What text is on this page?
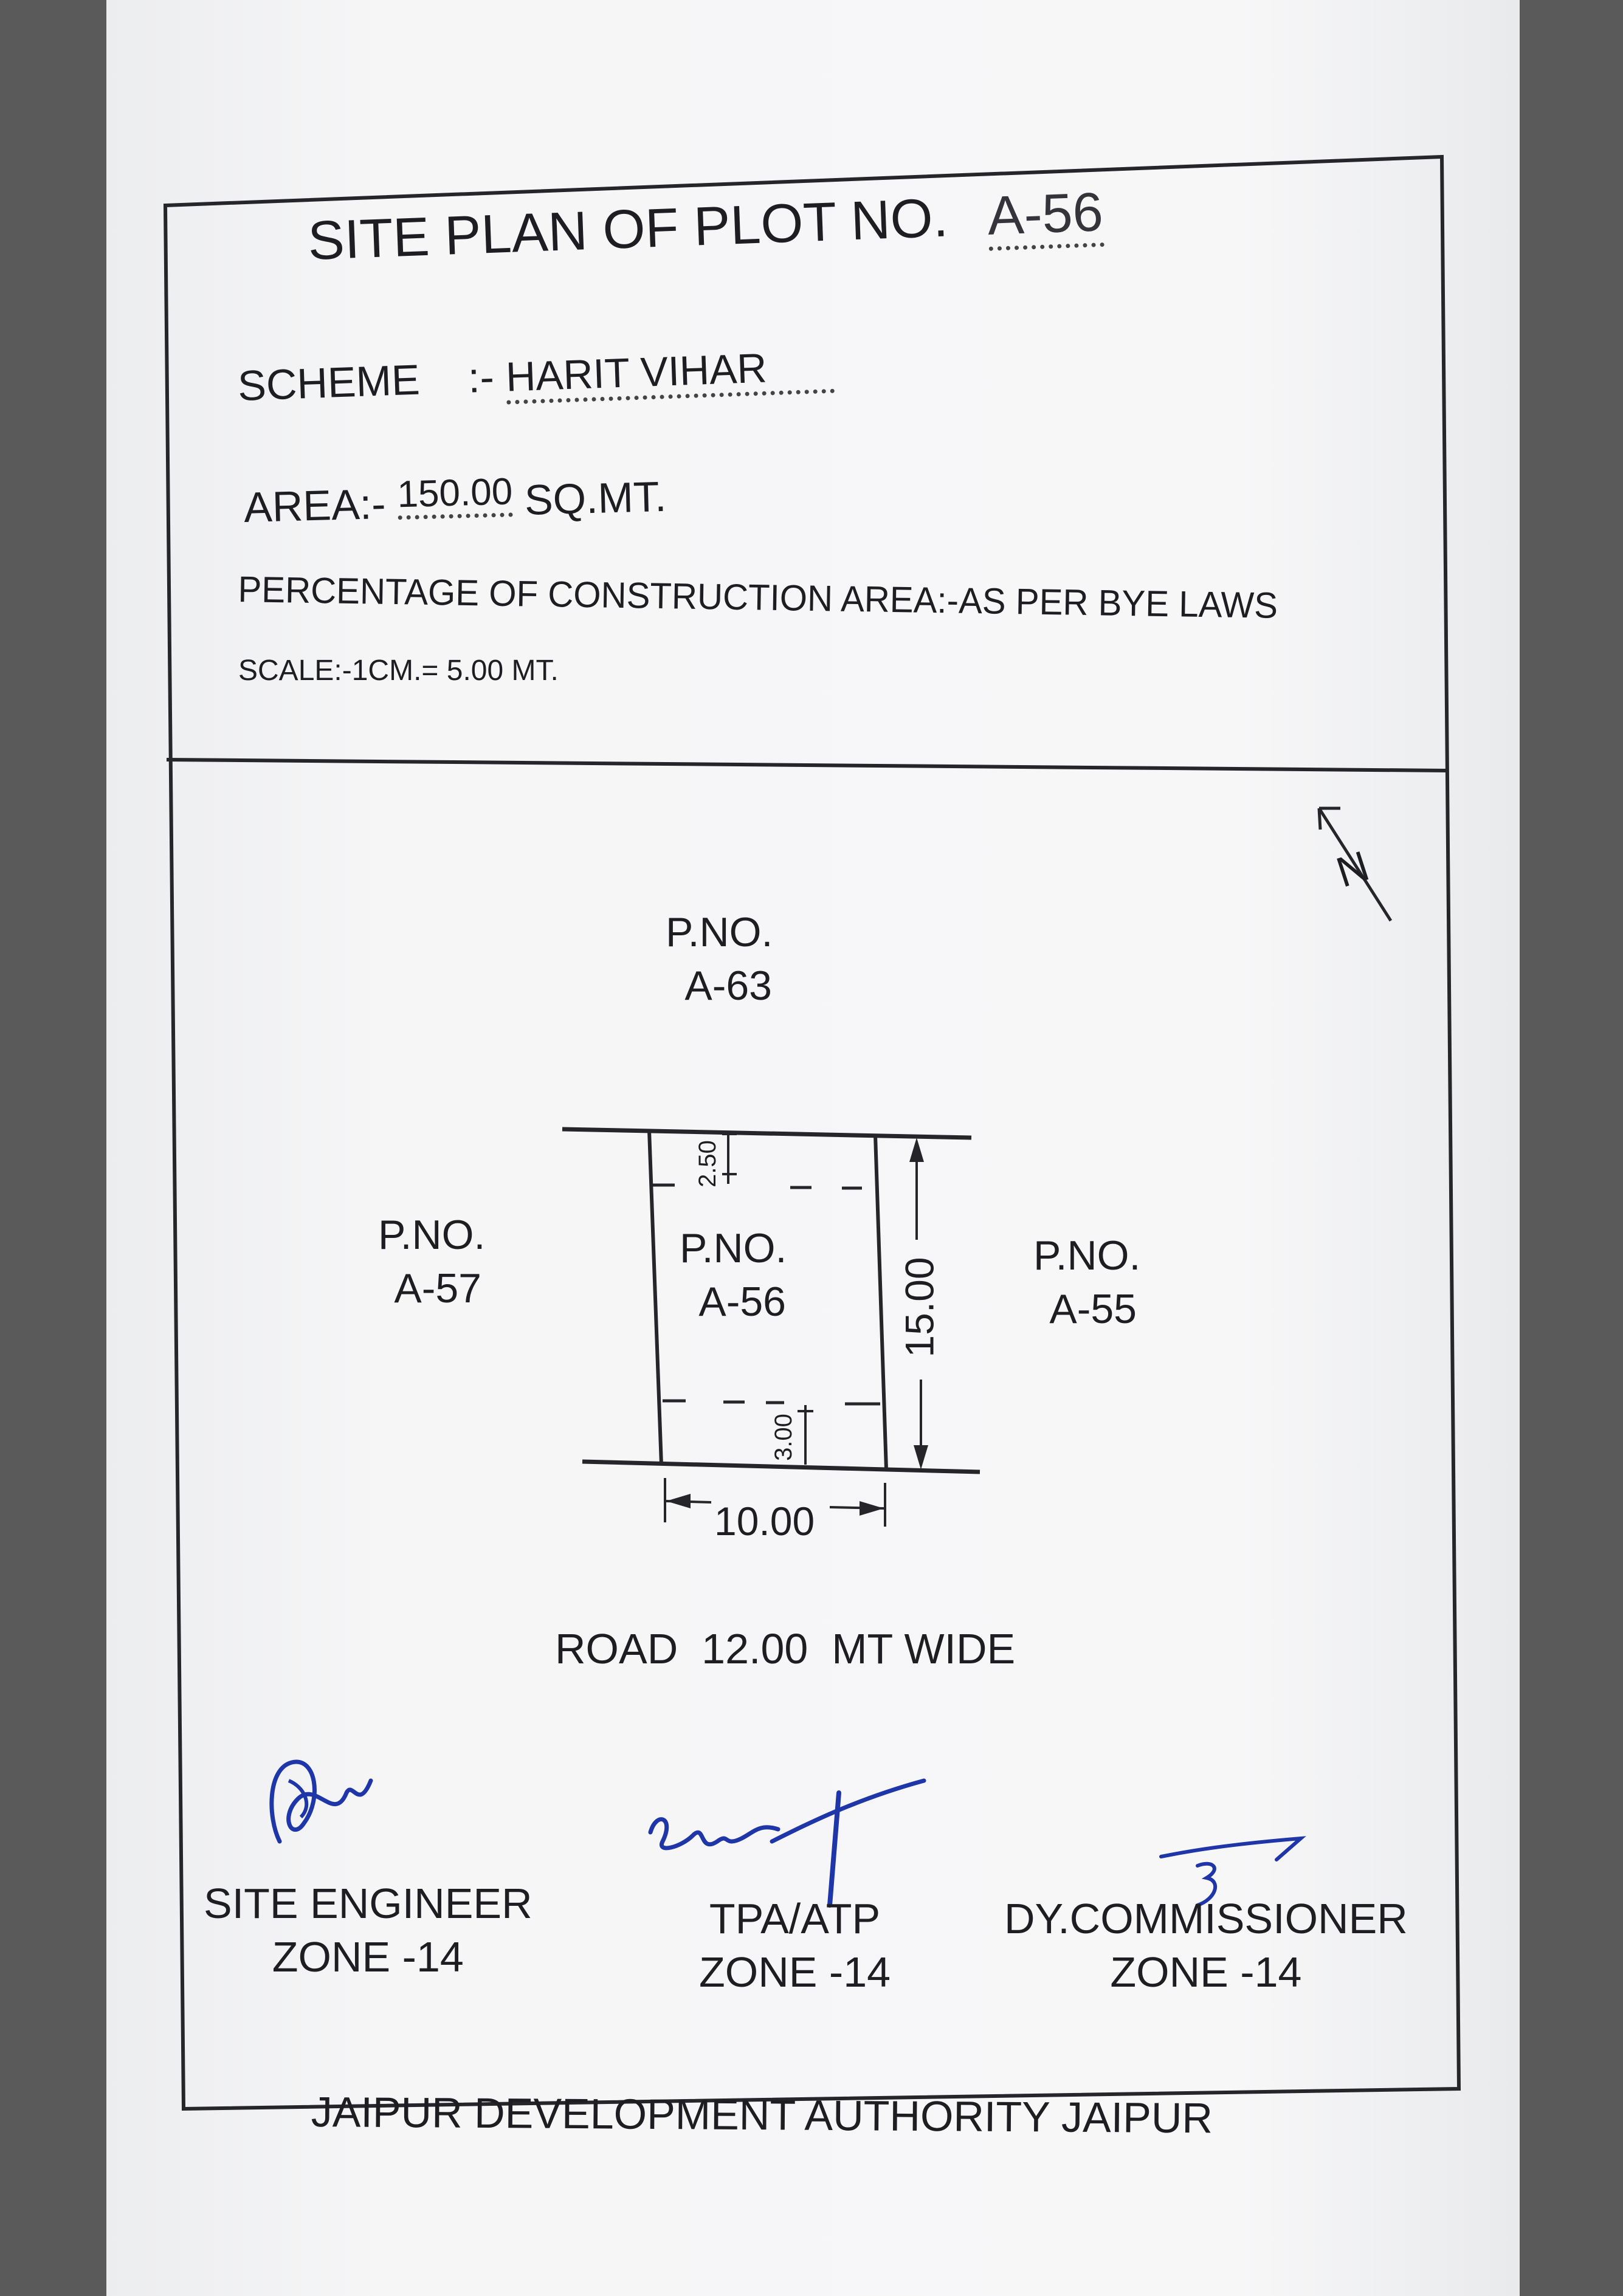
SITE PLAN OF PLOT NO. A-56
SCHEME :- HARIT VIHAR
AREA:- 150.00 SQ.MT.
PERCENTAGE OF CONSTRUCTION AREA:-AS PER BYE LAWS
SCALE:-1CM.= 5.00 MT.
N
P.NO.
A-63
P.NO.
A-57
P.NO.
A-56
P.NO.
A-55
2.50
3.00
15.00
10.00
ROAD  12.00  MT WIDE
SITE ENGINEER
ZONE -14
TPA/ATP
ZONE -14
DY.COMMISSIONER
ZONE -14
JAIPUR DEVELOPMENT AUTHORITY JAIPUR
